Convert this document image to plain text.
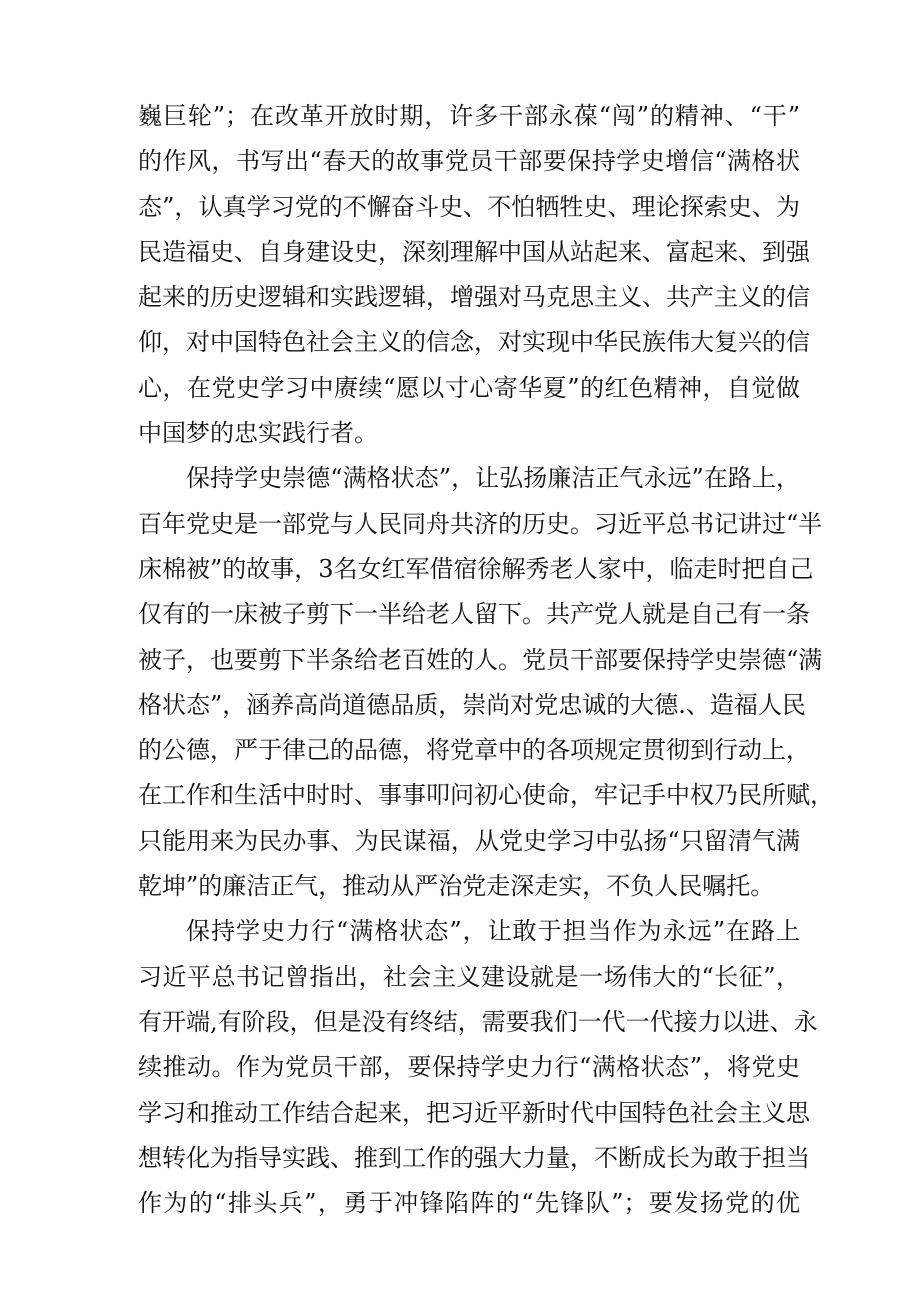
巍巨轮”；在改革开放时期，许多干部永葆“闯”的精神、“干”
的作风，书写出“春天的故事党员干部要保持学史增信“满格状
态”，认真学习党的不懈奋斗史、不怕牺牲史、理论探索史、为
民造福史、自身建设史，深刻理解中国从站起来、富起来、到强
起来的历史逻辑和实践逻辑，增强对马克思主义、共产主义的信
仰，对中国特色社会主义的信念，对实现中华民族伟大复兴的信
心，在党史学习中赓续“愿以寸心寄华夏”的红色精神，自觉做
中国梦的忠实践行者。
保持学史崇德“满格状态”，让弘扬廉洁正气永远”在路上，
百年党史是一部党与人民同舟共济的历史。习近平总书记讲过“半
床棉被”的故事，3名女红军借宿徐解秀老人家中，临走时把自己
仅有的一床被子剪下一半给老人留下。共产党人就是自己有一条
被子，也要剪下半条给老百姓的人。党员干部要保持学史崇德“满
格状态”，涵养高尚道德品质，崇尚对党忠诚的大德.、造福人民
的公德，严于律己的品德，将党章中的各项规定贯彻到行动上，
在工作和生活中时时、事事叩问初心使命，牢记手中权乃民所赋，
只能用来为民办事、为民谋福，从党史学习中弘扬“只留清气满
乾坤”的廉洁正气，推动从严治党走深走实，不负人民嘱托。
保持学史力行“满格状态”，让敢于担当作为永远”在路上
习近平总书记曾指出，社会主义建设就是一场伟大的“长征”，
有开端,有阶段，但是没有终结，需要我们一代一代接力以进、永
续推动。作为党员干部，要保持学史力行“满格状态”，将党史
学习和推动工作结合起来，把习近平新时代中国特色社会主义思
想转化为指导实践、推到工作的强大力量，不断成长为敢于担当
作为的“排头兵”，勇于冲锋陷阵的“先锋队”；要发扬党的优
